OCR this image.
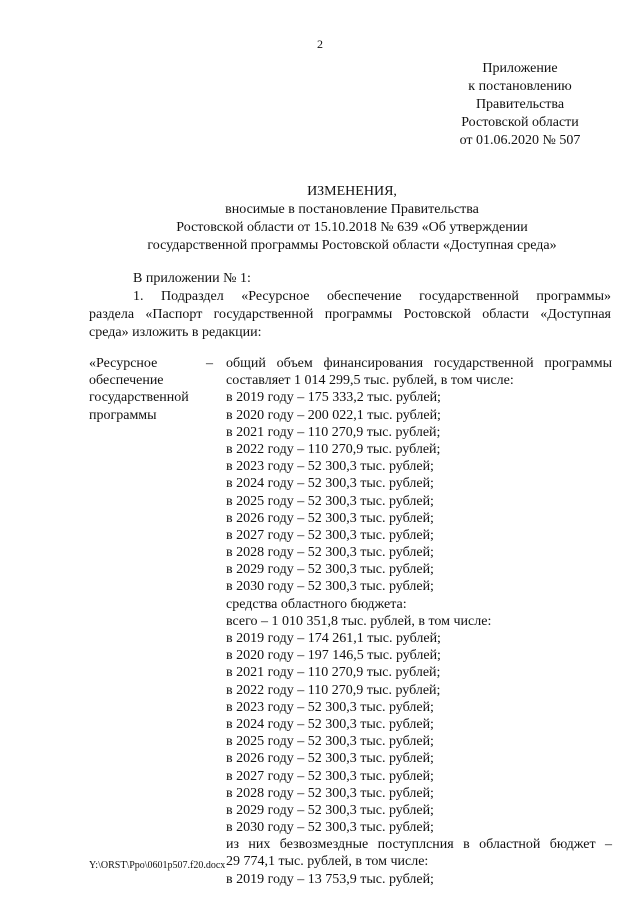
2
Приложение
к постановлению
Правительства
Ростовской области
от 01.06.2020 № 507
ИЗМЕНЕНИЯ,
вносимые в постановление Правительства
Ростовской области от 15.10.2018 № 639 «Об утверждении
государственной программы Ростовской области «Доступная среда»
В приложении № 1:
1. Подраздел «Ресурсное обеспечение государственной программы»
раздела «Паспорт государственной программы Ростовской области «Доступная
среда» изложить в редакции:
«Ресурсное
обеспечение
государственной
программы
– общий объем финансирования государственной программы
составляет 1 014 299,5 тыс. рублей, в том числе:
в 2019 году – 175 333,2 тыс. рублей;
в 2020 году – 200 022,1 тыс. рублей;
в 2021 году – 110 270,9 тыс. рублей;
в 2022 году – 110 270,9 тыс. рублей;
в 2023 году – 52 300,3 тыс. рублей;
в 2024 году – 52 300,3 тыс. рублей;
в 2025 году – 52 300,3 тыс. рублей;
в 2026 году – 52 300,3 тыс. рублей;
в 2027 году – 52 300,3 тыс. рублей;
в 2028 году – 52 300,3 тыс. рублей;
в 2029 году – 52 300,3 тыс. рублей;
в 2030 году – 52 300,3 тыс. рублей;
средства областного бюджета:
всего – 1 010 351,8 тыс. рублей, в том числе:
в 2019 году – 174 261,1 тыс. рублей;
в 2020 году – 197 146,5 тыс. рублей;
в 2021 году – 110 270,9 тыс. рублей;
в 2022 году – 110 270,9 тыс. рублей;
в 2023 году – 52 300,3 тыс. рублей;
в 2024 году – 52 300,3 тыс. рублей;
в 2025 году – 52 300,3 тыс. рублей;
в 2026 году – 52 300,3 тыс. рублей;
в 2027 году – 52 300,3 тыс. рублей;
в 2028 году – 52 300,3 тыс. рублей;
в 2029 году – 52 300,3 тыс. рублей;
в 2030 году – 52 300,3 тыс. рублей;
из них безвозмездные поступлсния в областной бюджет –
29 774,1 тыс. рублей, в том числе:
в 2019 году – 13 753,9 тыс. рублей;
Y:\ORST\Ppo\0601p507.f20.docx
